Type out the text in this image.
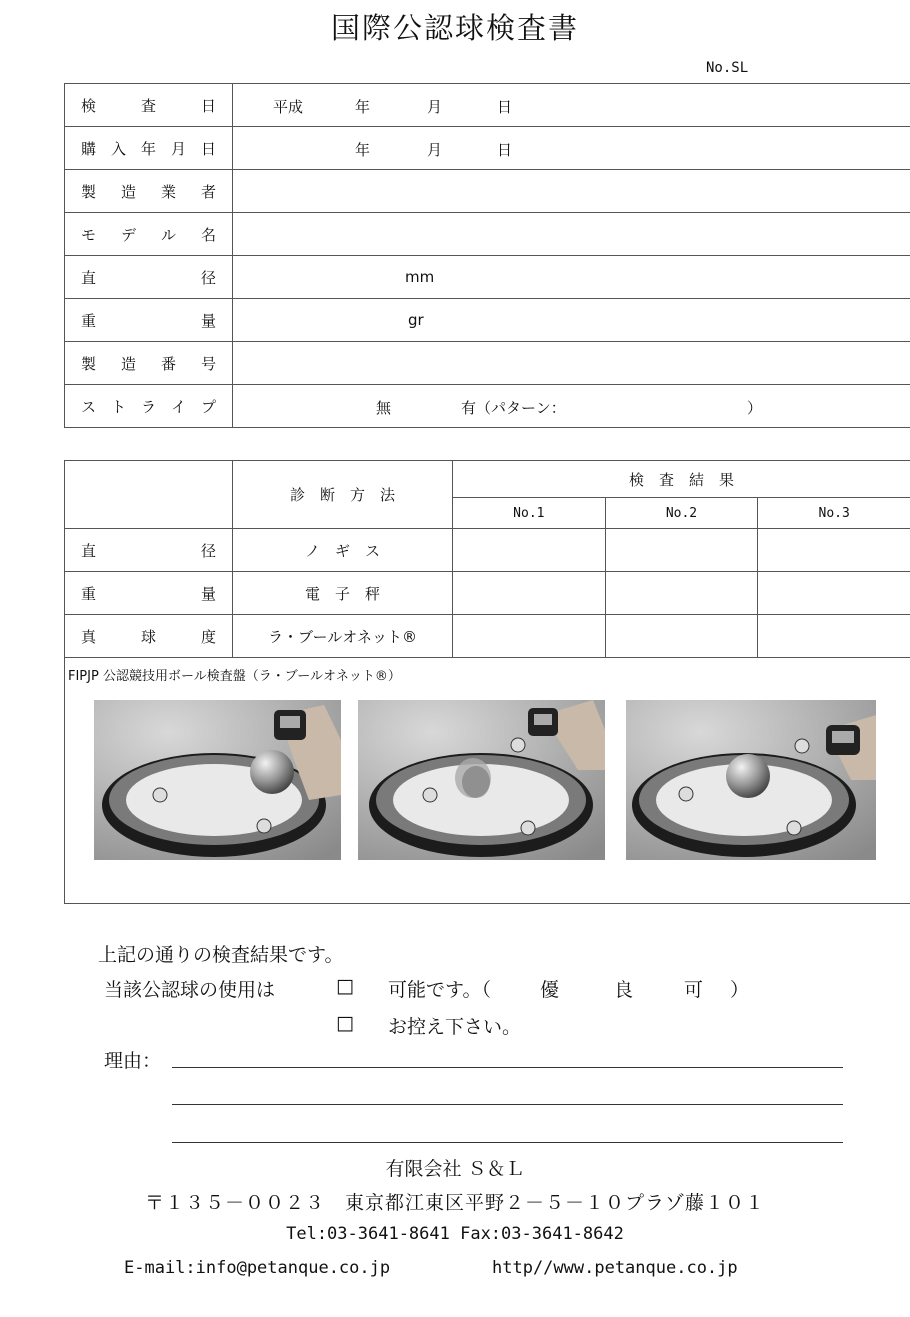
国際公認球検査書
No.SL
検 査 日	平成 年 月 日

購 入 年 月 日	年 月 日

製 造 業 者	

モ デ ル 名	

直 径	mm

重 量	gr

製 造 番 号	

ス ト ラ イ プ	無 有（パターン： ）
	診　断　方　法	検　査　結　果		
		No.1	No.2	No.3

直 径	ノ　ギ　ス			

重 量	電　子　秤			

真 球 度	ラ・ブールオネット®			
FIPJP 公認競技用ボール検査盤（ラ・ブールオネット®）
上記の通りの検査結果です。
当該公認球の使用は	□ 可能です。（	優	良	可 ）
□ お控え下さい。
理由：
有限会社 Ｓ＆Ｌ
〒１３５－００２３　東京都江東区平野２－５－１０プラゾ藤１０１
Tel:03-3641-8641 Fax:03-3641-8642
E-mail:info@petanque.co.jp	http//www.petanque.co.jp
